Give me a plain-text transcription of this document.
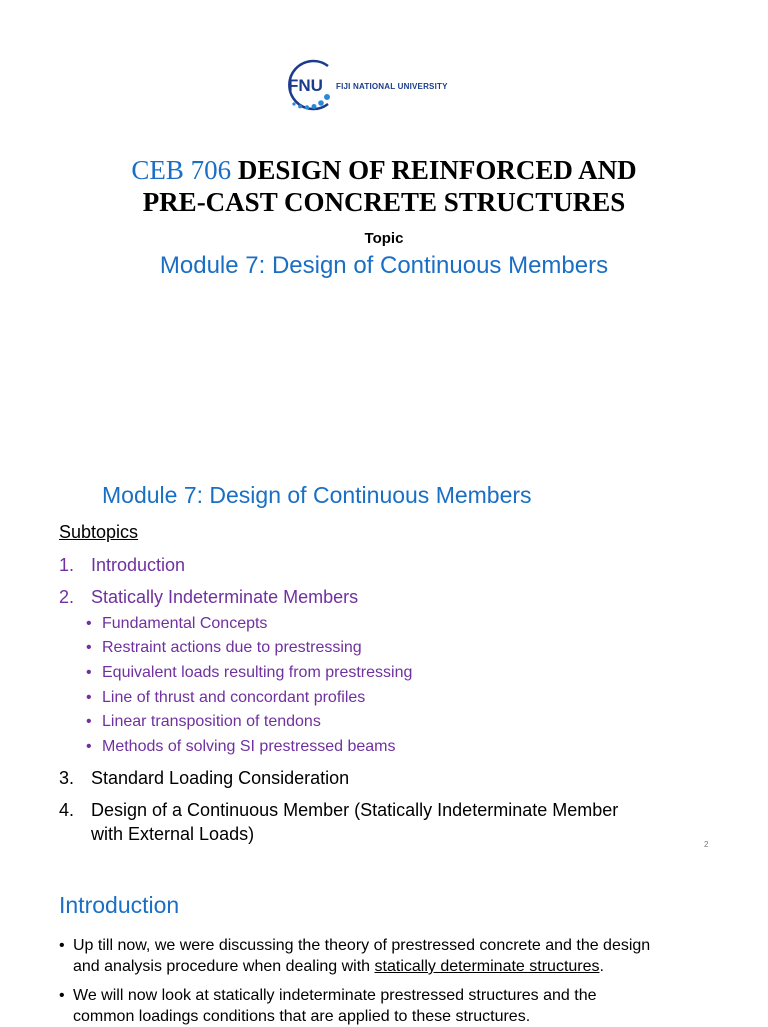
FNU FIJI NATIONAL UNIVERSITY
CEB 706 DESIGN OF REINFORCED AND
PRE-CAST CONCRETE STRUCTURES
Topic
Module 7: Design of Continuous Members
Module 7: Design of Continuous Members
Subtopics
1. Introduction
2. Statically Indeterminate Members
• Fundamental Concepts
• Restraint actions due to prestressing
• Equivalent loads resulting from prestressing
• Line of thrust and concordant profiles
• Linear transposition of tendons
• Methods of solving SI prestressed beams
3. Standard Loading Consideration
4. Design of a Continuous Member (Statically Indeterminate Member
with External Loads)
2
Introduction
• Up till now, we were discussing the theory of prestressed concrete and the design
and analysis procedure when dealing with statically determinate structures.
• We will now look at statically indeterminate prestressed structures and the
common loadings conditions that are applied to these structures.
